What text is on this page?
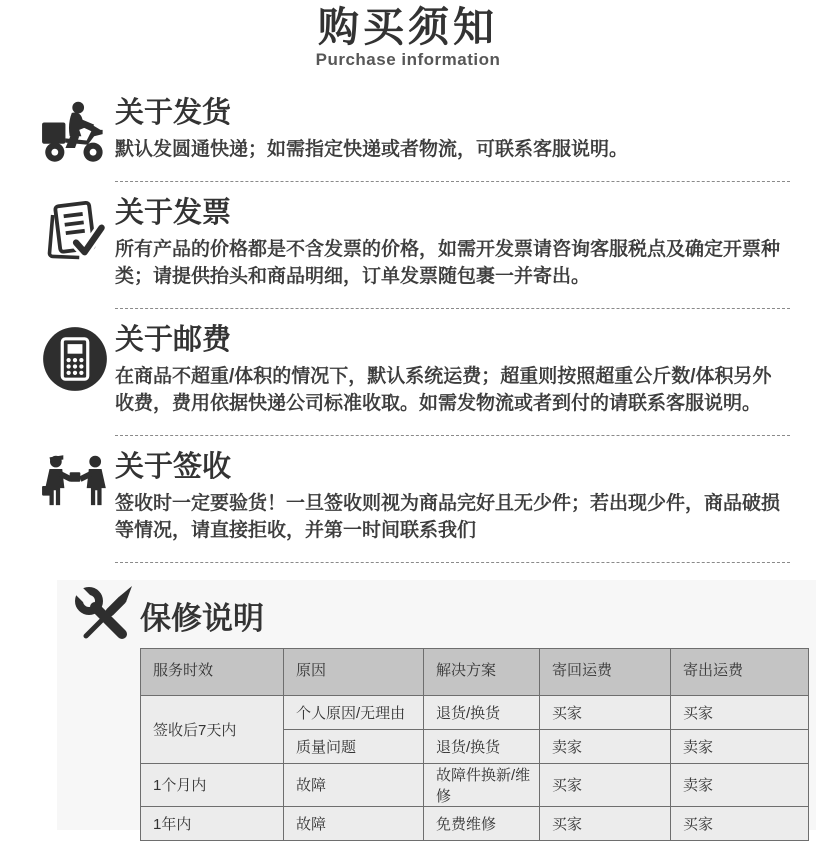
购买须知
Purchase information
关于发货

默认发圆通快递；如需指定快递或者物流，可联系客服说明。

关于发票

所有产品的价格都是不含发票的价格，如需开发票请咨询客服税点及确定开票种类；请提供抬头和商品明细，订单发票随包裹一并寄出。

关于邮费

在商品不超重/体积的情况下，默认系统运费；超重则按照超重公斤数/体积另外收费，费用依据快递公司标准收取。如需发物流或者到付的请联系客服说明。

关于签收

签收时一定要验货！一旦签收则视为商品完好且无少件；若出现少件，商品破损等情况，请直接拒收，并第一时间联系我们

保修说明
服务时效	原因	解决方案	寄回运费	寄出运费
签收后7天内	个人原因/无理由	退货/换货	买家	买家
	质量问题	退货/换货	卖家	卖家
1个月内	故障	故障件换新/维修	买家	卖家
1年内	故障	免费维修	买家	买家
